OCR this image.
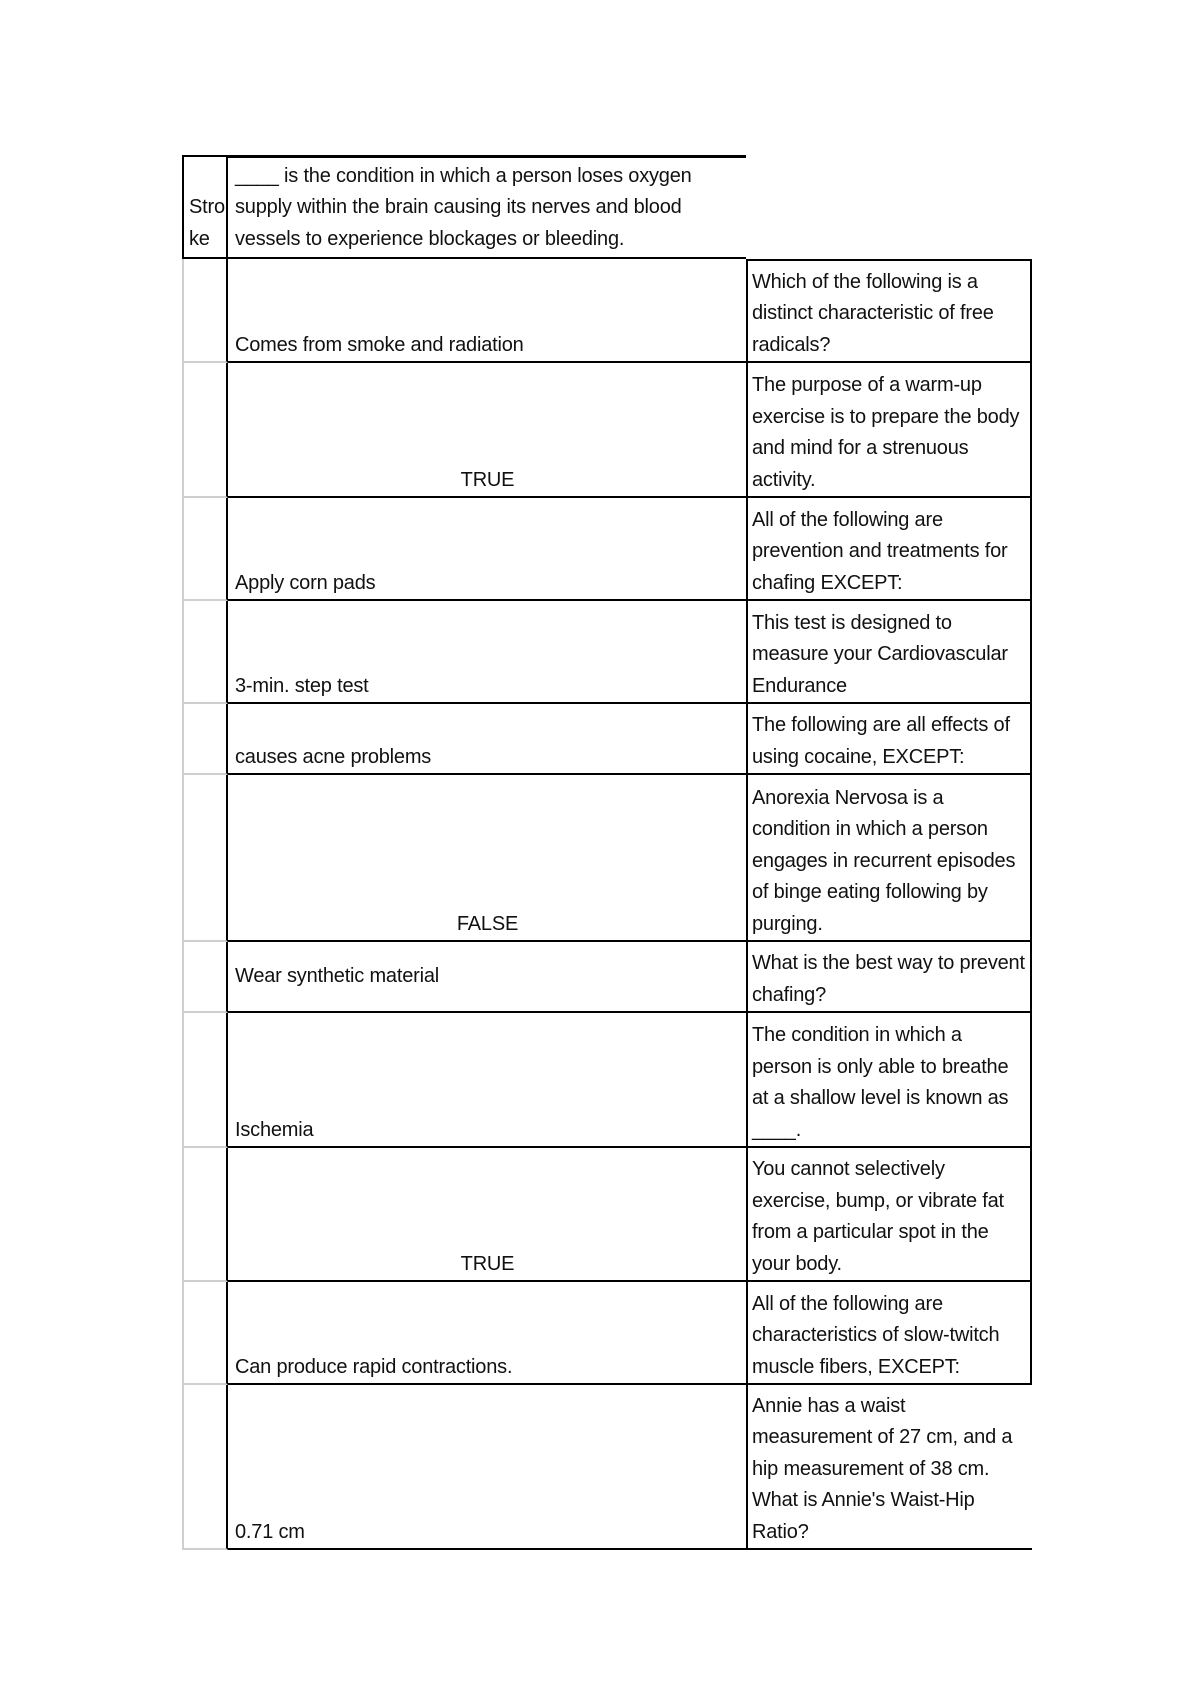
Stro
ke
____ is the condition in which a person loses oxygen supply within the brain causing its nerves and blood vessels to experience blockages or bleeding.
Comes from smoke and radiation
Which of the following is a distinct characteristic of free radicals?
TRUE
The purpose of a warm-up exercise is to prepare the body and mind for a strenuous activity.
Apply corn pads
All of the following are prevention and treatments for chafing EXCEPT:
3-min. step test
This test is designed to measure your Cardiovascular Endurance
causes acne problems
The following are all effects of using cocaine, EXCEPT:
FALSE
Anorexia Nervosa is a condition in which a person engages in recurrent episodes of binge eating following by purging.
Wear synthetic material
What is the best way to prevent chafing?
Ischemia
The condition in which a person is only able to breathe at a shallow level is known as ____.
TRUE
You cannot selectively exercise, bump, or vibrate fat from a particular spot in the your body.
Can produce rapid contractions.
All of the following are characteristics of slow-twitch muscle fibers, EXCEPT:
0.71 cm
Annie has a waist measurement of 27 cm, and a hip measurement of 38 cm. What is Annie's Waist-Hip Ratio?
